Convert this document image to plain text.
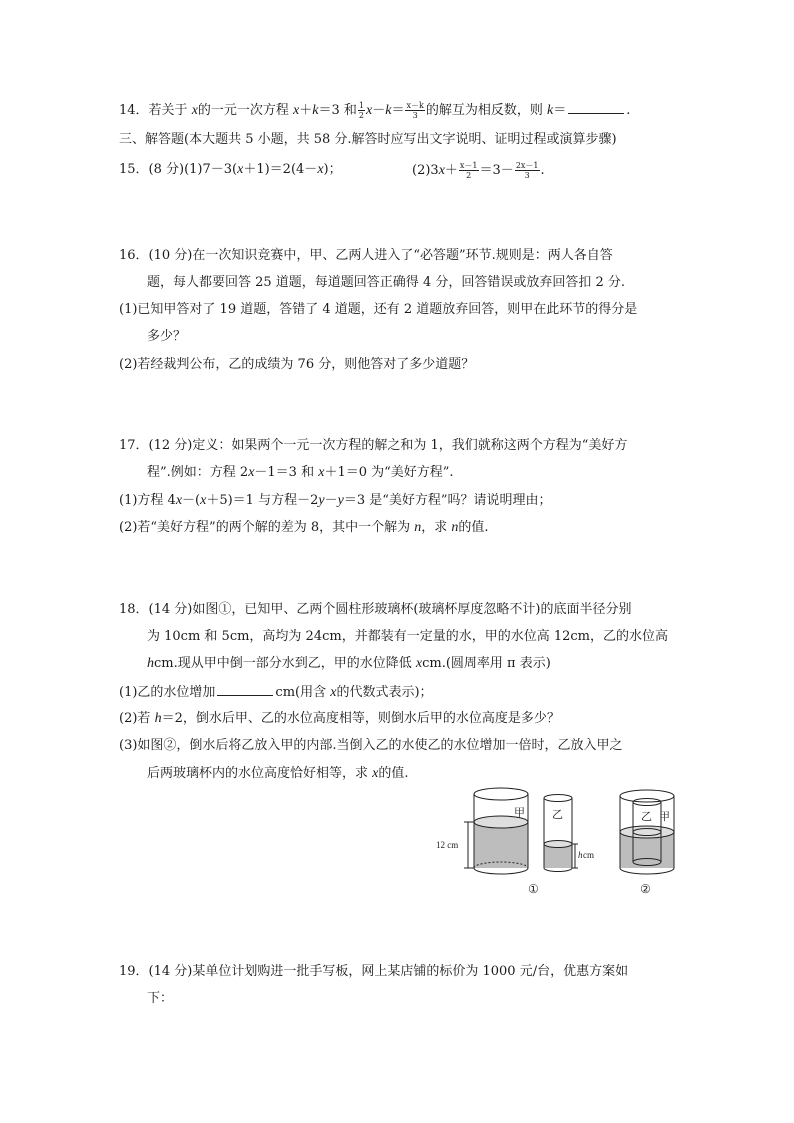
14．若关于 x的一元一次方程 x＋k＝3 和 $\frac{1}{2} x-k= \frac{x-k}{3}$ 的解互为相反数，则 k＝	.
三、解答题(本大题共 5 小题，共 58 分.解答时应写出文字说明、证明过程或演算步骤)
15．(8 分)(1)7－3(x＋1)＝2(4－x)；	$(2)3x+ \frac{x-1}{2} =3- \frac{2x-1}{3}$ .
16．(10 分)在一次知识竞赛中，甲、乙两人进入了“必答题”环节.规则是：两人各自答
题，每人都要回答 25 道题，每道题回答正确得 4 分，回答错误或放弃回答扣 2 分.
(1)已知甲答对了 19 道题，答错了 4 道题，还有 2 道题放弃回答，则甲在此环节的得分是
多少？
(2)若经裁判公布，乙的成绩为 76 分，则他答对了多少道题？
17．(12 分)定义：如果两个一元一次方程的解之和为 1，我们就称这两个方程为“美好方
程”.例如：方程 2x－1＝3 和 x＋1＝0 为“美好方程”.
(1)方程 4x－(x＋5)＝1 与方程－2y－y＝3 是“美好方程”吗？请说明理由；
(2)若“美好方程”的两个解的差为 8，其中一个解为 n，求 n的值.
18．(14 分)如图①，已知甲、乙两个圆柱形玻璃杯(玻璃杯厚度忽略不计)的底面半径分别
为 10cm 和 5cm，高均为 24cm，并都装有一定量的水，甲的水位高 12cm，乙的水位高
hcm.现从甲中倒一部分水到乙，甲的水位降低 xcm.(圆周率用 π 表示)
(1)乙的水位增加	cm(用含 x的代数式表示)；
(2)若 h＝2，倒水后甲、乙的水位高度相等，则倒水后甲的水位高度是多少？
(3)如图②，倒水后将乙放入甲的内部.当倒入乙的水使乙的水位增加一倍时，乙放入甲之
后两玻璃杯内的水位高度恰好相等，求 x的值.
甲 乙
12 cm
h cm
①	②
乙 甲
19．(14 分)某单位计划购进一批手写板，网上某店铺的标价为 1000 元/台，优惠方案如
下：
